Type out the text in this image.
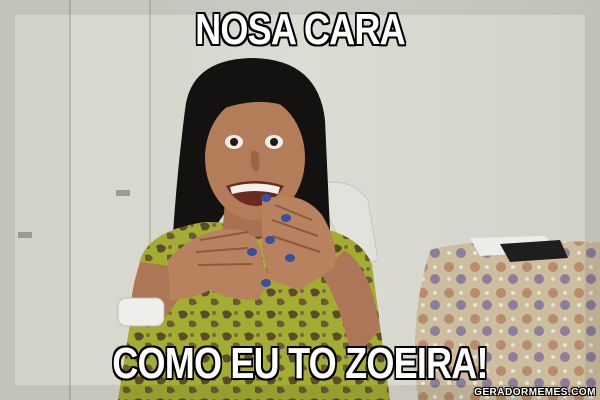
NOSA CARA
COMO EU TO ZOEIRA!
GERADORMEMES.COM
